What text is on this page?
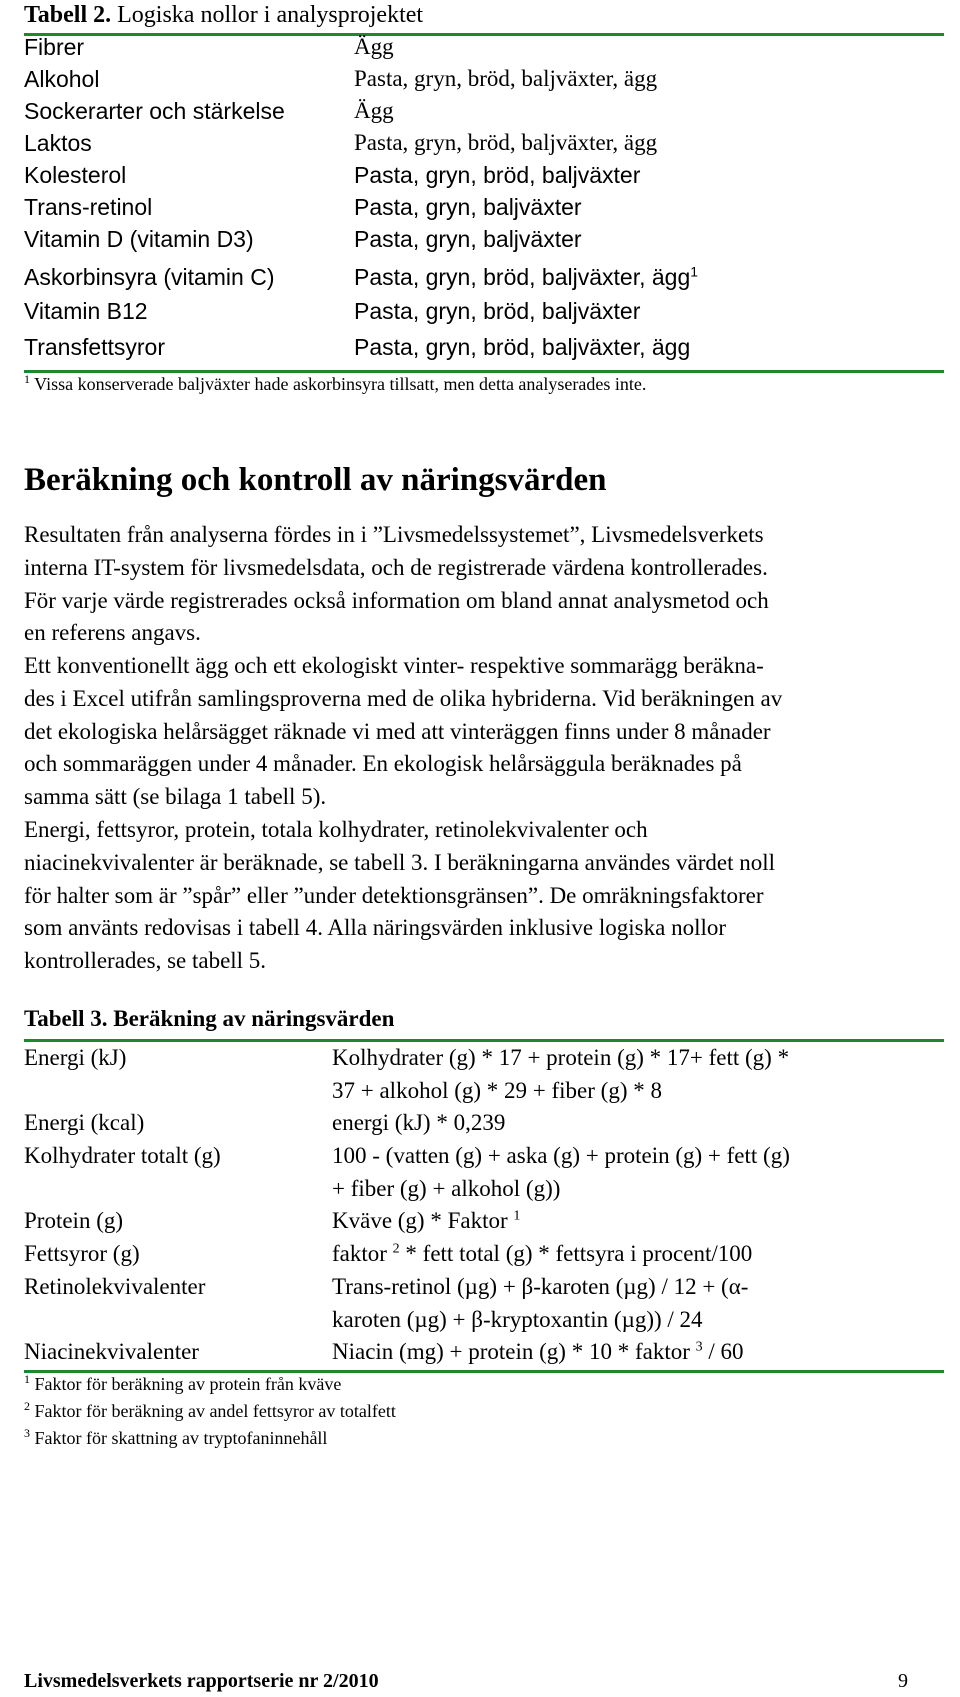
Tabell 2. Logiska nollor i analysprojektet
Fibrer	Ägg
Alkohol	Pasta, gryn, bröd, baljväxter, ägg
Sockerarter och stärkelse	Ägg
Laktos	Pasta, gryn, bröd, baljväxter, ägg
Kolesterol	Pasta, gryn, bröd, baljväxter
Trans-retinol	Pasta, gryn, baljväxter
Vitamin D (vitamin D3)	Pasta, gryn, baljväxter
Askorbinsyra (vitamin C)	Pasta, gryn, bröd, baljväxter, ägg$^1$
Vitamin B12	Pasta, gryn, bröd, baljväxter
Transfettsyror	Pasta, gryn, bröd, baljväxter, ägg
$^1$ Vissa konserverade baljväxter hade askorbinsyra tillsatt, men detta analyserades inte.
Beräkning och kontroll av näringsvärden
Resultaten från analyserna fördes in i ”Livsmedelssystemet”, Livsmedelsverkets
interna IT-system för livsmedelsdata, och de registrerade värdena kontrollerades.
För varje värde registrerades också information om bland annat analysmetod och
en referens angavs.
Ett konventionellt ägg och ett ekologiskt vinter- respektive sommarägg beräkna-
des i Excel utifrån samlingsproverna med de olika hybriderna. Vid beräkningen av
det ekologiska helårsägget räknade vi med att vinteräggen finns under 8 månader
och sommaräggen under 4 månader. En ekologisk helårsäggula beräknades på
samma sätt (se bilaga 1 tabell 5).
Energi, fettsyror, protein, totala kolhydrater, retinolekvivalenter och
niacinekvivalenter är beräknade, se tabell 3. I beräkningarna användes värdet noll
för halter som är ”spår” eller ”under detektionsgränsen”. De omräkningsfaktorer
som använts redovisas i tabell 4. Alla näringsvärden inklusive logiska nollor
kontrollerades, se tabell 5.
Tabell 3. Beräkning av näringsvärden
Energi (kJ)	Kolhydrater (g) * 17 + protein (g) * 17+ fett (g) *
37 + alkohol (g) * 29 + fiber (g) * 8
Energi (kcal)	energi (kJ) * 0,239
Kolhydrater totalt (g)	100 - (vatten (g) + aska (g) + protein (g) + fett (g)
+ fiber (g) + alkohol (g))
Protein (g)	Kväve (g) * Faktor $^1$
Fettsyror (g)	faktor $^2$ * fett total (g) * fettsyra i procent/100
Retinolekvivalenter	Trans-retinol (µg) + β-karoten (µg) / 12 + (α-
karoten (µg) + β-kryptoxantin (µg)) / 24
Niacinekvivalenter	Niacin (mg) + protein (g) * 10 * faktor $^3$ / 60
$^1$ Faktor för beräkning av protein från kväve
$^2$ Faktor för beräkning av andel fettsyror av totalfett
$^3$ Faktor för skattning av tryptofaninnehåll
Livsmedelsverkets rapportserie nr 2/2010	9
